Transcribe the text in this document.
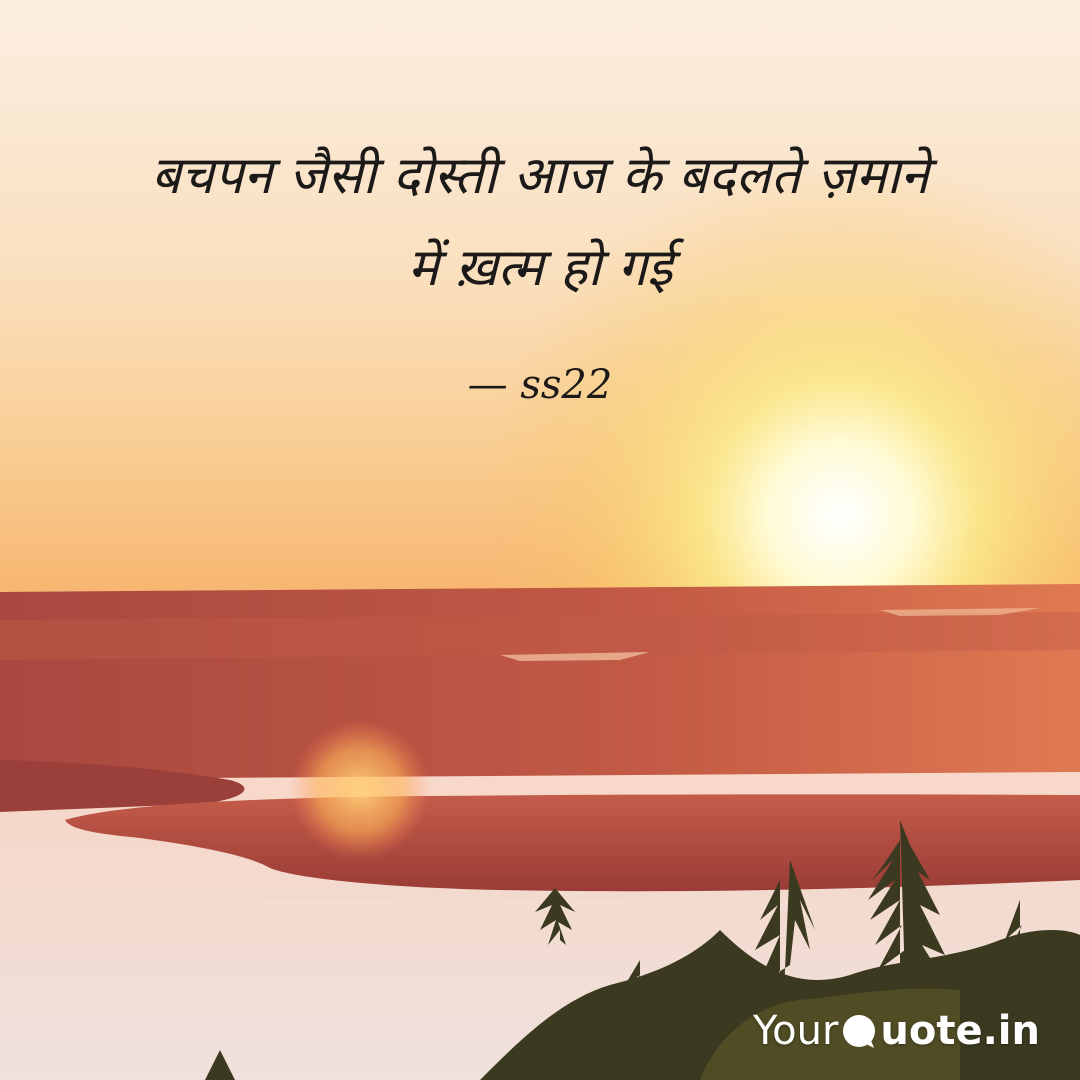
बचपन जैसी दोस्ती आज के बदलते ज़माने
में ख़त्म हो गई
— ss22
Your uote.in
